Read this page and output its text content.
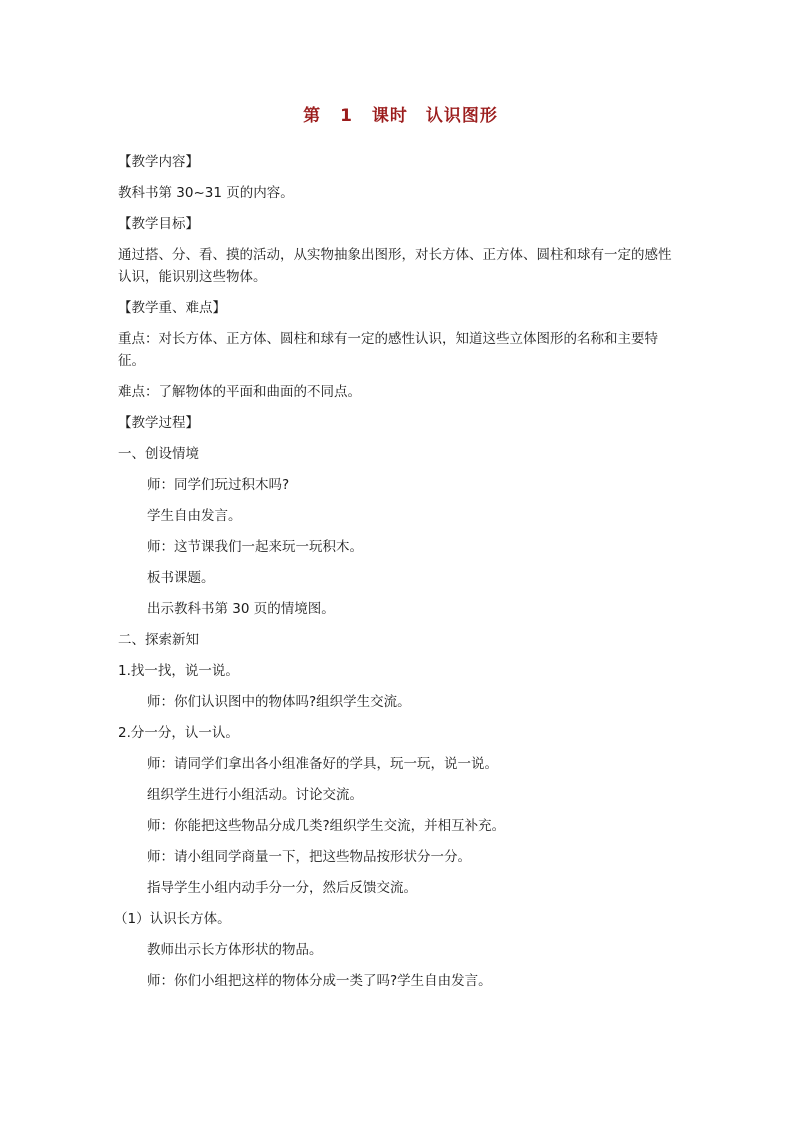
第 1 课时　认识图形
【教学内容】
教科书第 30~31 页的内容。
【教学目标】
通过搭、分、看、摸的活动，从实物抽象出图形，对长方体、正方体、圆柱和球有一定的感性认识，能识别这些物体。
【教学重、难点】
重点：对长方体、正方体、圆柱和球有一定的感性认识，知道这些立体图形的名称和主要特征。
难点：了解物体的平面和曲面的不同点。
【教学过程】
一、创设情境
师：同学们玩过积木吗?
学生自由发言。
师：这节课我们一起来玩一玩积木。
板书课题。
出示教科书第 30 页的情境图。
二、探索新知
1.找一找，说一说。
师：你们认识图中的物体吗?组织学生交流。
2.分一分，认一认。
师：请同学们拿出各小组准备好的学具，玩一玩，说一说。
组织学生进行小组活动。讨论交流。
师：你能把这些物品分成几类?组织学生交流，并相互补充。
师：请小组同学商量一下，把这些物品按形状分一分。
指导学生小组内动手分一分，然后反馈交流。
（1）认识长方体。
教师出示长方体形状的物品。
师：你们小组把这样的物体分成一类了吗?学生自由发言。
